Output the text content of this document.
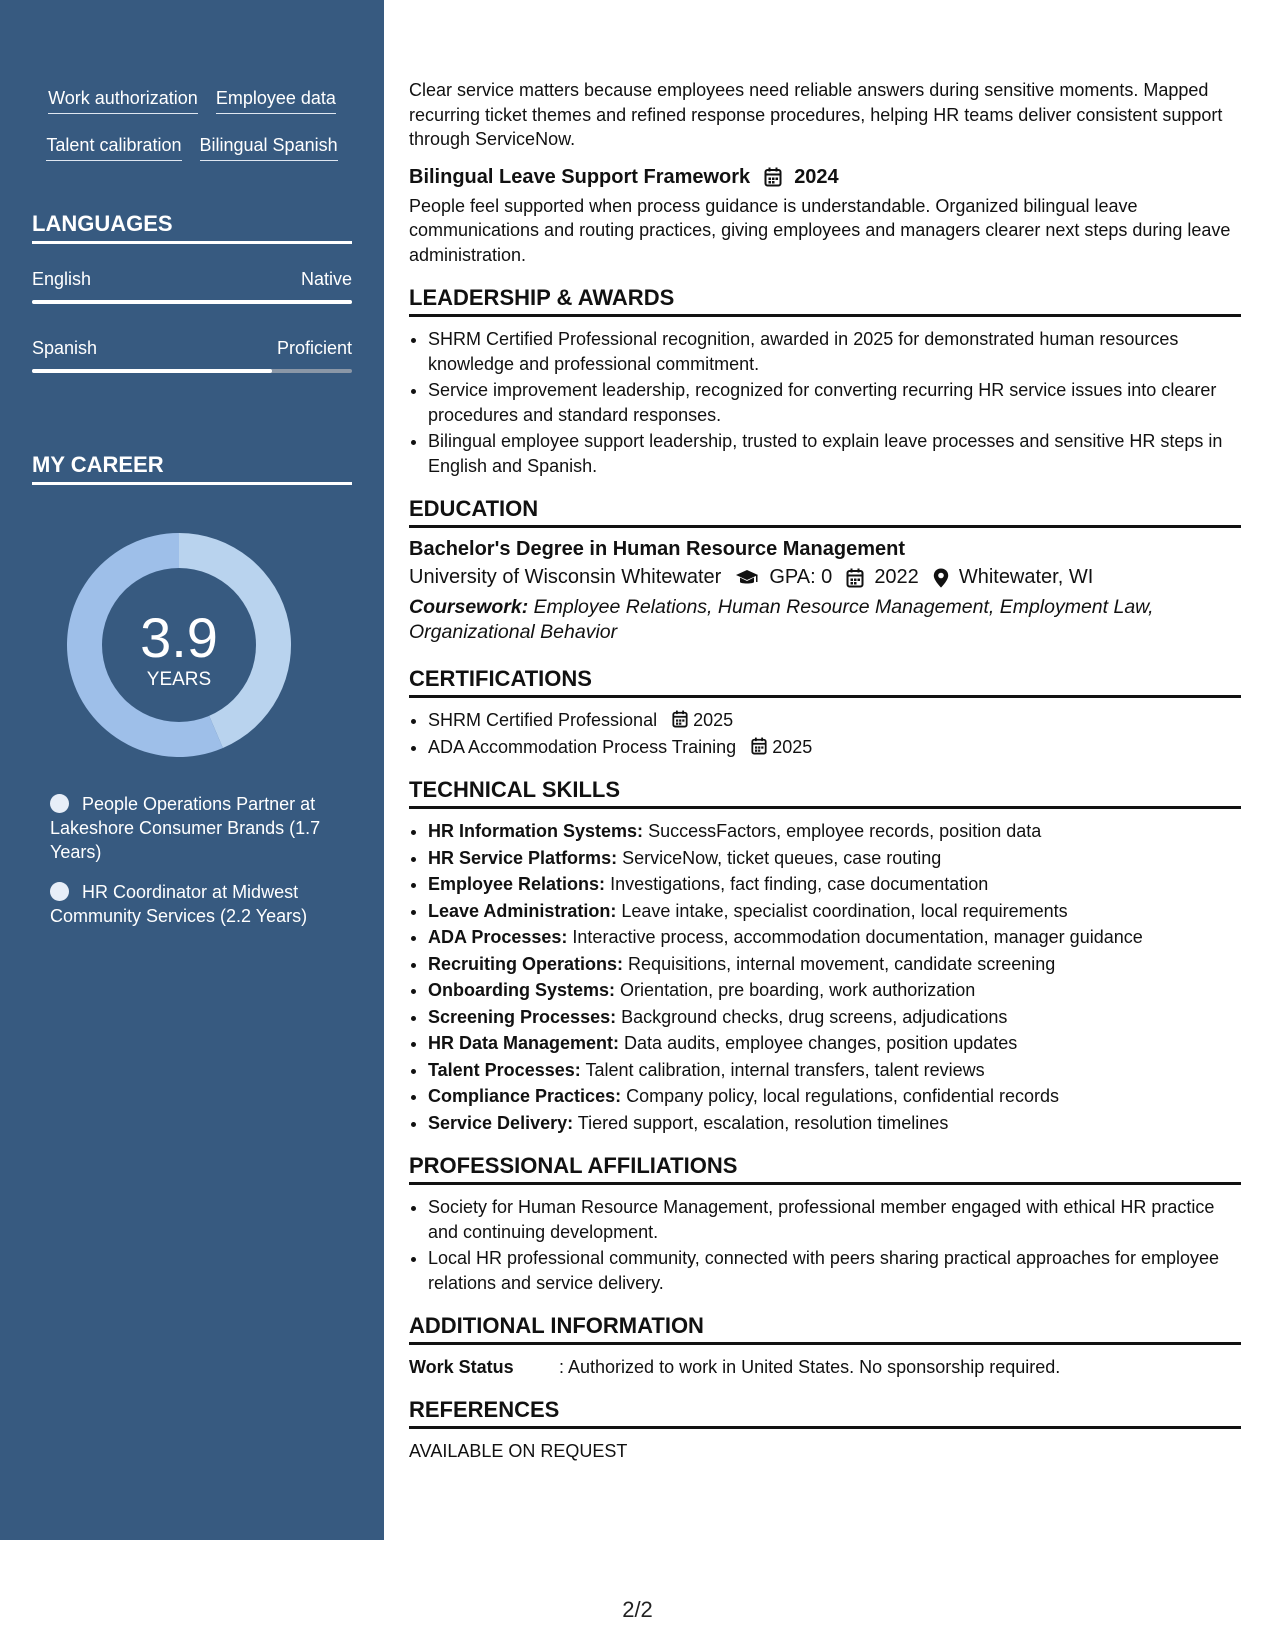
Work authorization Employee data
Talent calibration Bilingual Spanish
LANGUAGES
English	Native
Spanish	Proficient
MY CAREER
3.9
YEARS
People Operations Partner at Lakeshore Consumer Brands (1.7 Years)
HR Coordinator at Midwest Community Services (2.2 Years)

Clear service matters because employees need reliable answers during sensitive moments. Mapped recurring ticket themes and refined response procedures, helping HR teams deliver consistent support through ServiceNow.

Bilingual Leave Support Framework 2024

People feel supported when process guidance is understandable. Organized bilingual leave communications and routing practices, giving employees and managers clearer next steps during leave administration.

LEADERSHIP & AWARDS
• SHRM Certified Professional recognition, awarded in 2025 for demonstrated human resources knowledge and professional commitment.
• Service improvement leadership, recognized for converting recurring HR service issues into clearer procedures and standard responses.
• Bilingual employee support leadership, trusted to explain leave processes and sensitive HR steps in English and Spanish.
EDUCATION
Bachelor's Degree in Human Resource Management
University of Wisconsin Whitewater GPA: 0 2022 Whitewater, WI
Coursework: Employee Relations, Human Resource Management, Employment Law, Organizational Behavior
CERTIFICATIONS
• SHRM Certified Professional 2025
• ADA Accommodation Process Training 2025
TECHNICAL SKILLS
• HR Information Systems: SuccessFactors, employee records, position data
• HR Service Platforms: ServiceNow, ticket queues, case routing
• Employee Relations: Investigations, fact finding, case documentation
• Leave Administration: Leave intake, specialist coordination, local requirements
• ADA Processes: Interactive process, accommodation documentation, manager guidance
• Recruiting Operations: Requisitions, internal movement, candidate screening
• Onboarding Systems: Orientation, pre boarding, work authorization
• Screening Processes: Background checks, drug screens, adjudications
• HR Data Management: Data audits, employee changes, position updates
• Talent Processes: Talent calibration, internal transfers, talent reviews
• Compliance Practices: Company policy, local regulations, confidential records
• Service Delivery: Tiered support, escalation, resolution timelines
PROFESSIONAL AFFILIATIONS
• Society for Human Resource Management, professional member engaged with ethical HR practice and continuing development.
• Local HR professional community, connected with peers sharing practical approaches for employee relations and service delivery.
ADDITIONAL INFORMATION
Work Status	: Authorized to work in United States. No sponsorship required.
REFERENCES
AVAILABLE ON REQUEST
2/2
